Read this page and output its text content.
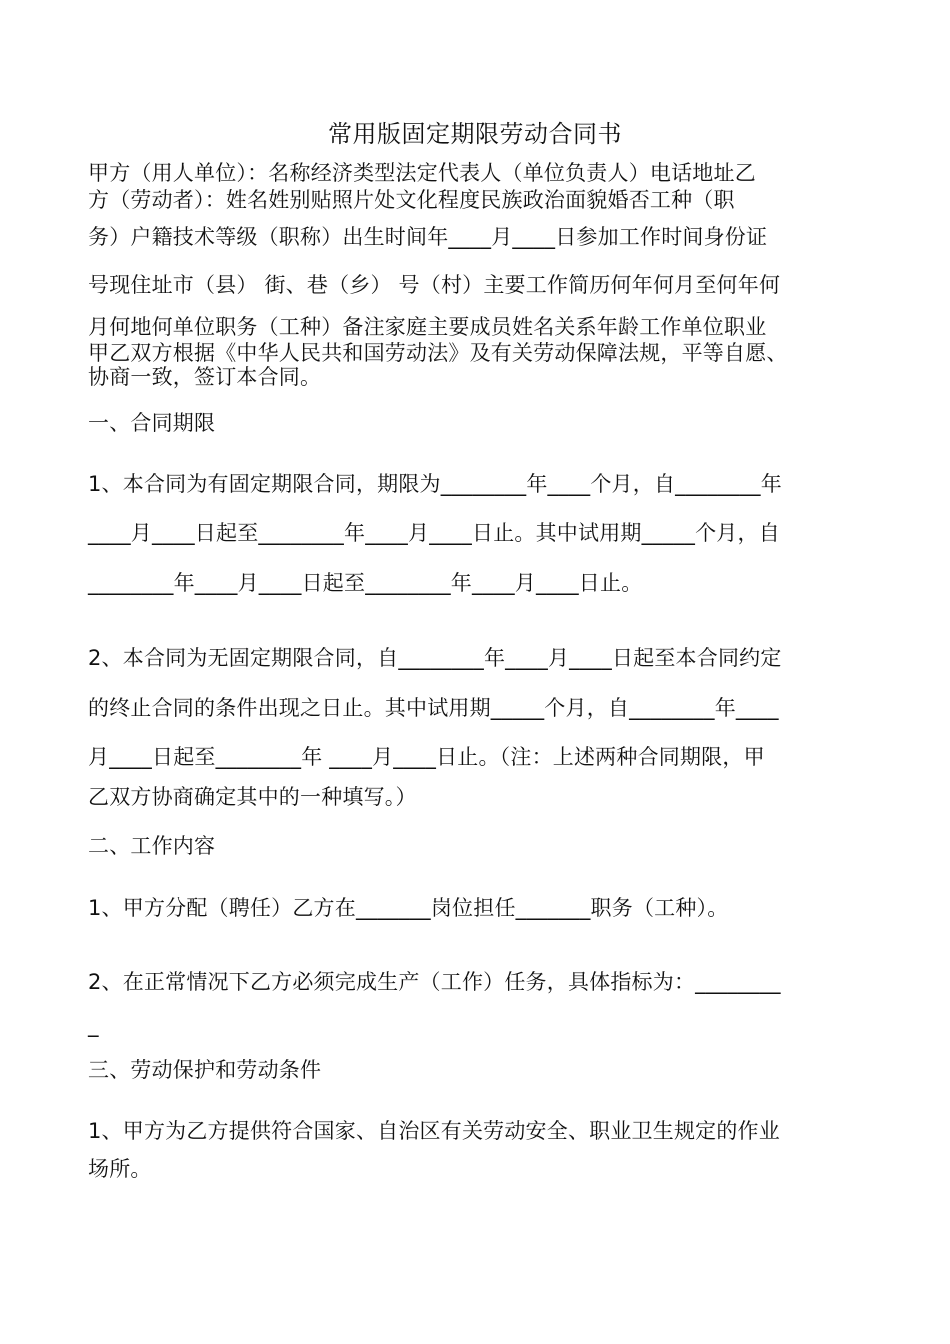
常用版固定期限劳动合同书
甲方（用人单位）：名称经济类型法定代表人（单位负责人）电话地址乙
方（劳动者）：姓名姓别贴照片处文化程度民族政治面貌婚否工种（职
务）户籍技术等级（职称）出生时间年____月____日参加工作时间身份证
号现住址市（县） 街、巷（乡） 号（村）主要工作简历何年何月至何年何
月何地何单位职务（工种）备注家庭主要成员姓名关系年龄工作单位职业
甲乙双方根据《中华人民共和国劳动法》及有关劳动保障法规，平等自愿、
协商一致，签订本合同。
一、合同期限
1、本合同为有固定期限合同，期限为________年____个月，自________年
____月____日起至________年____月____日止。其中试用期_____个月，自
________年____月____日起至________年____月____日止。
2、本合同为无固定期限合同，自________年____月____日起至本合同约定
的终止合同的条件出现之日止。其中试用期_____个月，自________年____
月____日起至________年 ____月____日止。（注：上述两种合同期限，甲
乙双方协商确定其中的一种填写。）
二、工作内容
1、甲方分配（聘任）乙方在_______岗位担任_______职务（工种）。
2、在正常情况下乙方必须完成生产（工作）任务，具体指标为：________
_
三、劳动保护和劳动条件
1、甲方为乙方提供符合国家、自治区有关劳动安全、职业卫生规定的作业
场所。
